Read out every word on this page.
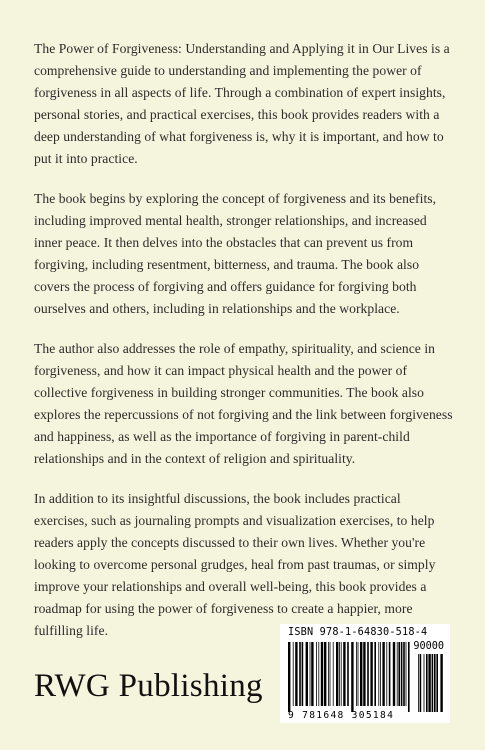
The Power of Forgiveness: Understanding and Applying it in Our Lives is a comprehensive guide to understanding and implementing the power of forgiveness in all aspects of life. Through a combination of expert insights, personal stories, and practical exercises, this book provides readers with a deep understanding of what forgiveness is, why it is important, and how to put it into practice.

The book begins by exploring the concept of forgiveness and its benefits, including improved mental health, stronger relationships, and increased inner peace. It then delves into the obstacles that can prevent us from forgiving, including resentment, bitterness, and trauma. The book also covers the process of forgiving and offers guidance for forgiving both ourselves and others, including in relationships and the workplace.

The author also addresses the role of empathy, spirituality, and science in forgiveness, and how it can impact physical health and the power of collective forgiveness in building stronger communities. The book also explores the repercussions of not forgiving and the link between forgiveness and happiness, as well as the importance of forgiving in parent-child relationships and in the context of religion and spirituality.

In addition to its insightful discussions, the book includes practical exercises, such as journaling prompts and visualization exercises, to help readers apply the concepts discussed to their own lives. Whether you're looking to overcome personal grudges, heal from past traumas, or simply improve your relationships and overall well-being, this book provides a roadmap for using the power of forgiveness to create a happier, more fulfilling life.

RWG Publishing
ISBN 978-1-64830-518-4
90000
9 781648 305184
